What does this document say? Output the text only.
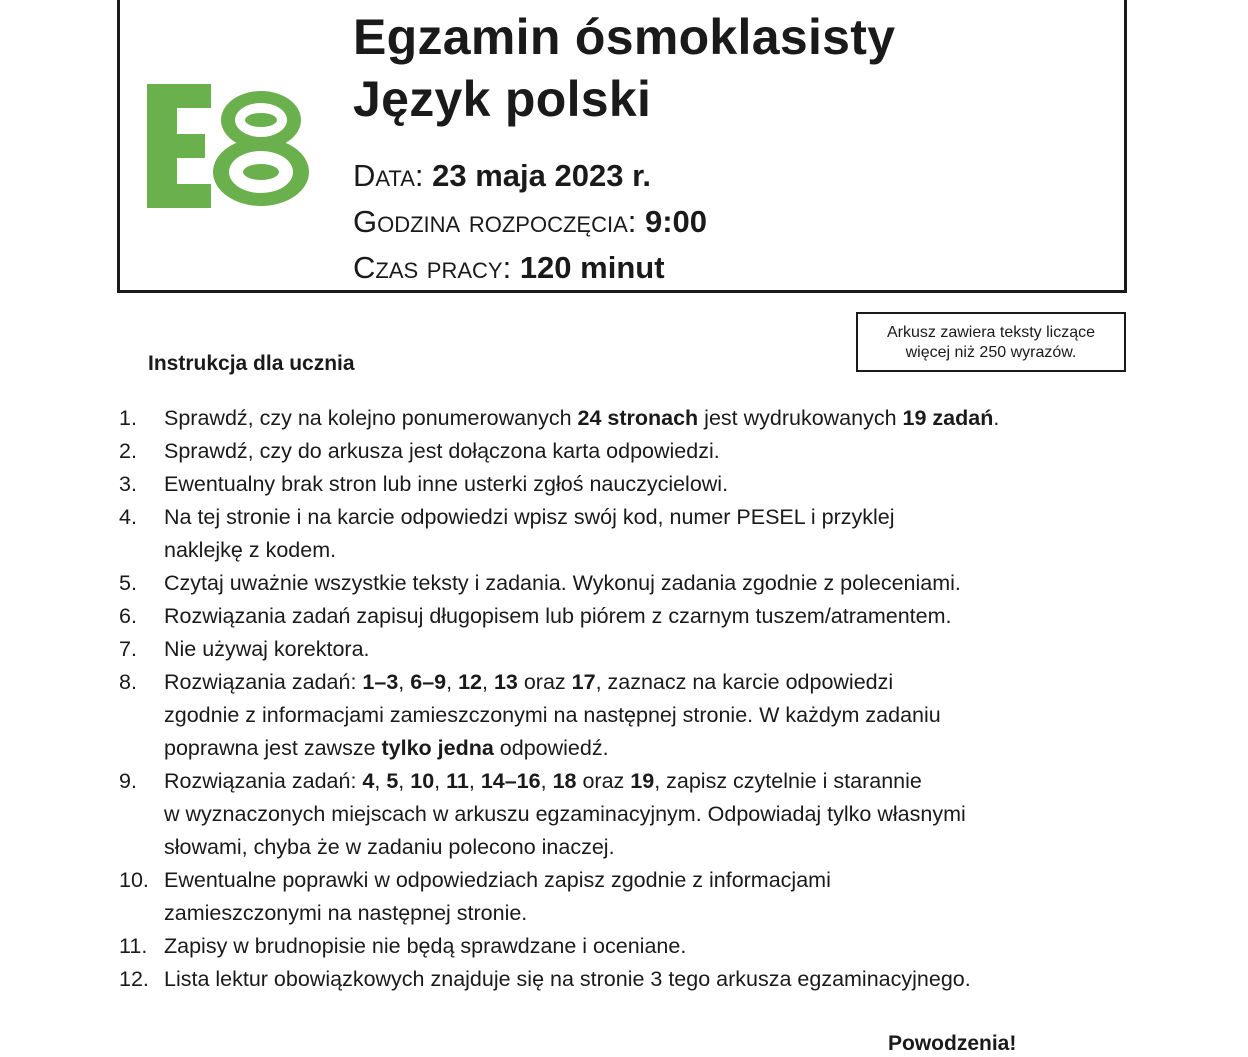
Egzamin ósmoklasisty
Język polski
Data: 23 maja 2023 r.
Godzina rozpoczęcia: 9:00
Czas pracy: 120 minut
Arkusz zawiera teksty liczące
więcej niż 250 wyrazów.
Instrukcja dla ucznia
1. Sprawdź, czy na kolejno ponumerowanych 24 stronach jest wydrukowanych 19 zadań.
2. Sprawdź, czy do arkusza jest dołączona karta odpowiedzi.
3. Ewentualny brak stron lub inne usterki zgłoś nauczycielowi.
4. Na tej stronie i na karcie odpowiedzi wpisz swój kod, numer PESEL i przyklej
naklejkę z kodem.
5. Czytaj uważnie wszystkie teksty i zadania. Wykonuj zadania zgodnie z poleceniami.
6. Rozwiązania zadań zapisuj długopisem lub piórem z czarnym tuszem/atramentem.
7. Nie używaj korektora.
8. Rozwiązania zadań: 1–3, 6–9, 12, 13 oraz 17, zaznacz na karcie odpowiedzi
zgodnie z informacjami zamieszczonymi na następnej stronie. W każdym zadaniu
poprawna jest zawsze tylko jedna odpowiedź.
9. Rozwiązania zadań: 4, 5, 10, 11, 14–16, 18 oraz 19, zapisz czytelnie i starannie
w wyznaczonych miejscach w arkuszu egzaminacyjnym. Odpowiadaj tylko własnymi
słowami, chyba że w zadaniu polecono inaczej.
10. Ewentualne poprawki w odpowiedziach zapisz zgodnie z informacjami
zamieszczonymi na następnej stronie.
11. Zapisy w brudnopisie nie będą sprawdzane i oceniane.
12. Lista lektur obowiązkowych znajduje się na stronie 3 tego arkusza egzaminacyjnego.
Powodzenia!
